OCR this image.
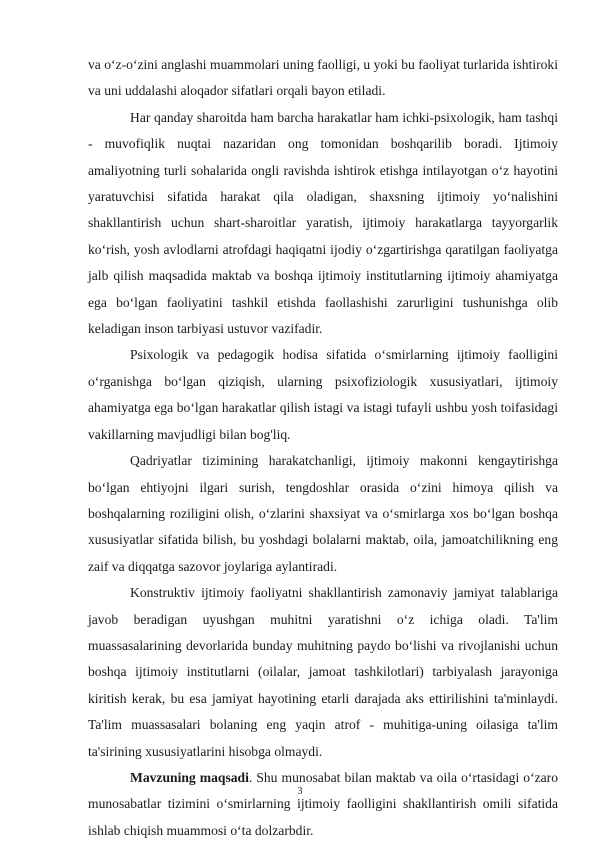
va o‘z-o‘zini anglashi muammolari uning faolligi, u yoki bu faoliyat turlarida ishtiroki va uni uddalashi aloqador sifatlari orqali bayon etiladi.

Har qanday sharoitda ham barcha harakatlar ham ichki-psixologik, ham tashqi - muvofiqlik nuqtai nazaridan ong tomonidan boshqarilib boradi. Ijtimoiy amaliyotning turli sohalarida ongli ravishda ishtirok etishga intilayotgan o‘z hayotini yaratuvchisi sifatida harakat qila oladigan, shaxsning ijtimoiy yo‘nalishini shakllantirish uchun shart-sharoitlar yaratish, ijtimoiy harakatlarga tayyorgarlik ko‘rish, yosh avlodlarni atrofdagi haqiqatni ijodiy o‘zgartirishga qaratilgan faoliyatga jalb qilish maqsadida maktab va boshqa ijtimoiy institutlarning ijtimoiy ahamiyatga ega bo‘lgan faoliyatini tashkil etishda faollashishi zarurligini tushunishga olib keladigan inson tarbiyasi ustuvor vazifadir.

Psixologik va pedagogik hodisa sifatida o‘smirlarning ijtimoiy faolligini o‘rganishga bo‘lgan qiziqish, ularning psixofiziologik xususiyatlari, ijtimoiy ahamiyatga ega bo‘lgan harakatlar qilish istagi va istagi tufayli ushbu yosh toifasidagi vakillarning mavjudligi bilan bog'liq.

Qadriyatlar tizimining harakatchanligi, ijtimoiy makonni kengaytirishga bo‘lgan ehtiyojni ilgari surish, tengdoshlar orasida o‘zini himoya qilish va boshqalarning roziligini olish, o‘zlarini shaxsiyat va o‘smirlarga xos bo‘lgan boshqa xususiyatlar sifatida bilish, bu yoshdagi bolalarni maktab, oila, jamoatchilikning eng zaif va diqqatga sazovor joylariga aylantiradi.

Konstruktiv ijtimoiy faoliyatni shakllantirish zamonaviy jamiyat talablariga javob beradigan uyushgan muhitni yaratishni o‘z ichiga oladi. Ta'lim muassasalarining devorlarida bunday muhitning paydo bo‘lishi va rivojlanishi uchun boshqa ijtimoiy institutlarni (oilalar, jamoat tashkilotlari) tarbiyalash jarayoniga kiritish kerak, bu esa jamiyat hayotining etarli darajada aks ettirilishini ta'minlaydi. Ta'lim muassasalari bolaning eng yaqin atrof - muhitiga-uning oilasiga ta'lim ta'sirining xususiyatlarini hisobga olmaydi.

Mavzuning maqsadi. Shu munosabat bilan maktab va oila o‘rtasidagi o‘zaro munosabatlar tizimini o‘smirlarning ijtimoiy faolligini shakllantirish omili sifatida ishlab chiqish muammosi o‘ta dolzarbdir.

3
